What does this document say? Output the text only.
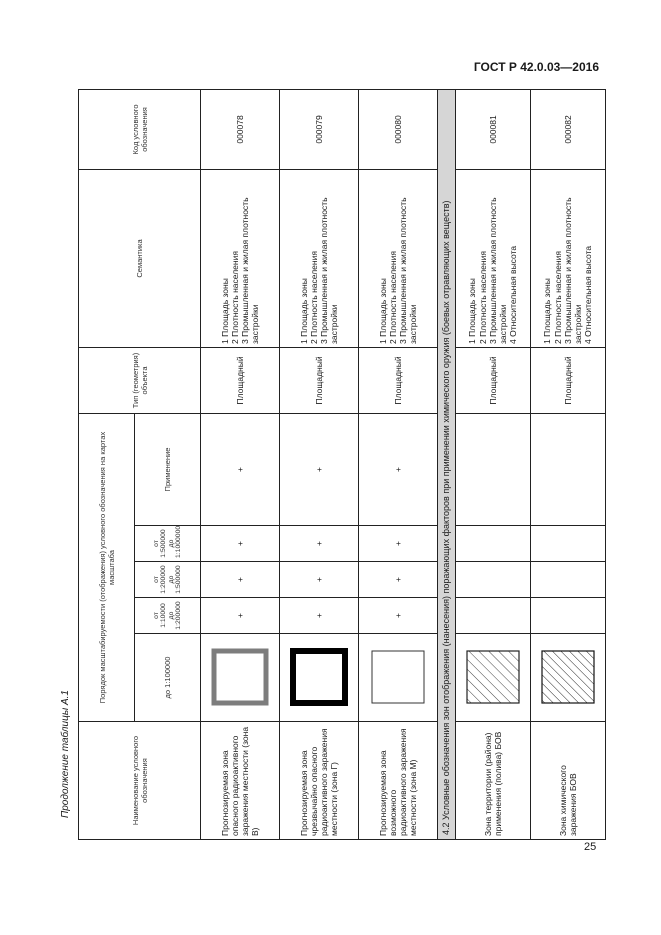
ГОСТ Р 42.0.03—2016
Продолжение таблицы А.1
25
Наименование условного обозначения	Порядок масштабируемости (отображения) условного обозначения на картах масштаба					Тип (геометрия) объекта	Семантика	Код условного обозначения
	до 1:100000	от 1:10000 до 1:200000	от 1:200000 до 1:500000	от 1:500000 до 1:1000000	Применение			
Прогнозируемая зона опасного радиоактивного заражения местности (зона В)		+	+	+	+	Площадный	1 Площадь зоны
2 Плотность населения
3 Промышленная и жилая плотность застройки	000078
Прогнозируемая зона чрезвычайно опасного радиоактивного заражения местности (зона Г)		+	+	+	+	Площадный	1 Площадь зоны
2 Плотность населения
3 Промышленная и жилая плотность застройки	000079
Прогнозируемая зона возможного радиоактивного заражения местности (зона М)		+	+	+	+	Площадный	1 Площадь зоны
2 Плотность населения
3 Промышленная и жилая плотность застройки	000080
4.2 Условные обозначения зон отображения (нанесения) поражающих факторов при применении химического оружия (боевых отравляющих веществ)								
Зона территории (района) применения (полива) БОВ						Площадный	1 Площадь зоны
2 Плотность населения
3 Промышленная и жилая плотность застройки
4 Относительная высота	000081
Зона химического заражения БОВ						Площадный	1 Площадь зоны
2 Плотность населения
3 Промышленная и жилая плотность застройки
4 Относительная высота	000082
